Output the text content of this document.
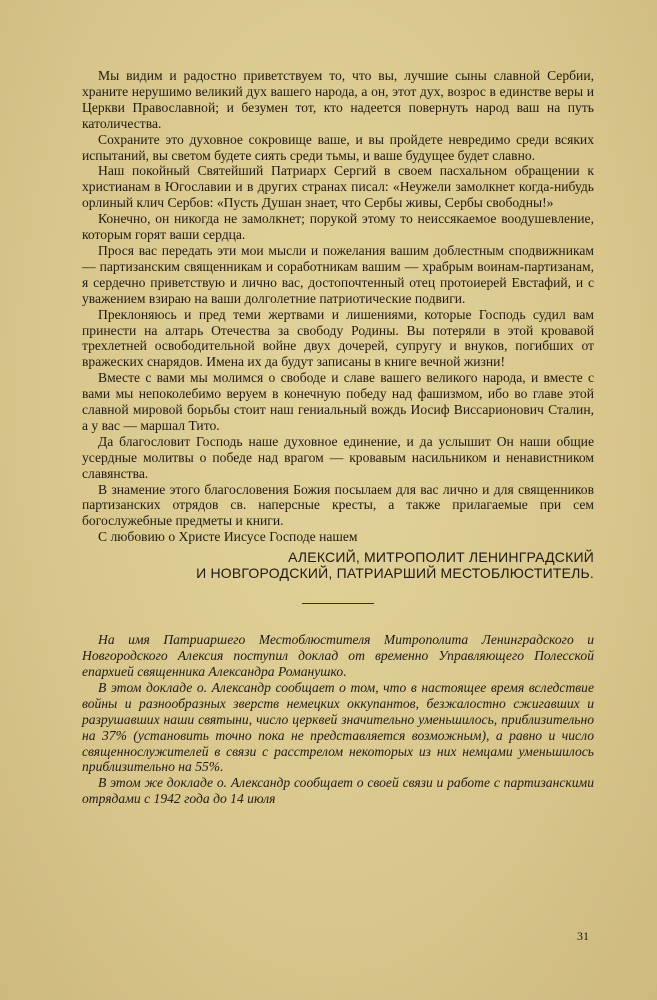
Мы видим и радостно приветствуем то, что вы, лучшие сыны славной Сербии, храните нерушимо великий дух вашего народа, а он, этот дух, возрос в единстве веры и Церкви Православной; и безумен тот, кто надеется повернуть народ ваш на путь католичества.

Сохраните это духовное сокровище ваше, и вы пройдете невредимо среди всяких испытаний, вы светом будете сиять среди тьмы, и ваше будущее будет славно.

Наш покойный Святейший Патриарх Сергий в своем пасхальном обращении к христианам в Югославии и в других странах писал: «Неужели замолкнет когда-нибудь орлиный клич Сербов: «Пусть Душан знает, что Сербы живы, Сербы свободны!»

Конечно, он никогда не замолкнет; порукой этому то неиссякаемое воодушевление, которым горят ваши сердца.

Прося вас передать эти мои мысли и пожелания вашим доблестным сподвижникам — партизанским священникам и соработникам вашим — храбрым воинам-партизанам, я сердечно приветствую и лично вас, достопочтенный отец протоиерей Евстафий, и с уважением взираю на ваши долголетние патриотические подвиги.

Преклоняюсь и пред теми жертвами и лишениями, которые Господь судил вам принести на алтарь Отечества за свободу Родины. Вы потеряли в этой кровавой трехлетней освободительной войне двух дочерей, супругу и внуков, погибших от вражеских снарядов. Имена их да будут записаны в книге вечной жизни!

Вместе с вами мы молимся о свободе и славе вашего великого народа, и вместе с вами мы непоколебимо веруем в конечную победу над фашизмом, ибо во главе этой славной мировой борьбы стоит наш гениальный вождь Иосиф Виссарионович Сталин, а у вас — маршал Тито.

Да благословит Господь наше духовное единение, и да услышит Он наши общие усердные молитвы о победе над врагом — кровавым насильником и ненавистником славянства.

В знамение этого благословения Божия посылаем для вас лично и для священников партизанских отрядов св. наперсные кресты, а также прилагаемые при сем богослужебные предметы и книги.

С любовию о Христе Иисусе Господе нашем

АЛЕКСИЙ, МИТРОПОЛИТ ЛЕНИНГРАДСКИЙ
И НОВГОРОДСКИЙ, ПАТРИАРШИЙ МЕСТОБЛЮСТИТЕЛЬ.

На имя Патриаршего Местоблюстителя Митрополита Ленинградского и Новгородского Алексия поступил доклад от временно Управляющего Полесской епархией священника Александра Романушко.

В этом докладе о. Александр сообщает о том, что в настоящее время вследствие войны и разнообразных зверств немецких оккупантов, безжалостно сжигавших и разрушавших наши святыни, число церквей значительно уменьшилось, приблизительно на 37% (установить точно пока не представляется возможным), а равно и число священнослужителей в связи с расстрелом некоторых из них немцами уменьшилось приблизительно на 55%.

В этом же докладе о. Александр сообщает о своей связи и работе с партизанскими отрядами с 1942 года до 14 июля

31
